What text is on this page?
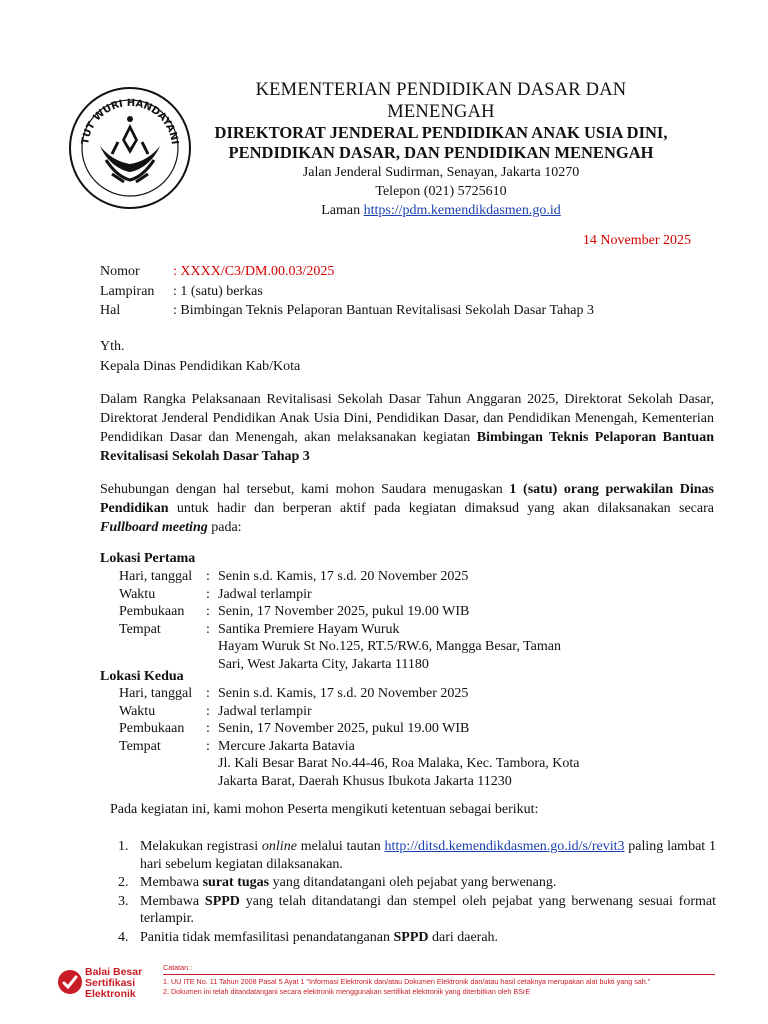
TUT WURI HANDAYANI
KEMENTERIAN PENDIDIKAN DASAR DAN
MENENGAH
DIREKTORAT JENDERAL PENDIDIKAN ANAK USIA DINI,
PENDIDIKAN DASAR, DAN PENDIDIKAN MENENGAH
Jalan Jenderal Sudirman, Senayan, Jakarta 10270
Telepon (021) 5725610
Laman https://pdm.kemendikdasmen.go.id
14 November 2025
Nomor	: XXXX/C3/DM.00.03/2025
Lampiran	: 1 (satu) berkas
Hal	: Bimbingan Teknis Pelaporan Bantuan Revitalisasi Sekolah Dasar Tahap 3
Yth.
Kepala Dinas Pendidikan Kab/Kota
Dalam Rangka Pelaksanaan Revitalisasi Sekolah Dasar Tahun Anggaran 2025, Direktorat Sekolah Dasar, Direktorat Jenderal Pendidikan Anak Usia Dini, Pendidikan Dasar, dan Pendidikan Menengah, Kementerian Pendidikan Dasar dan Menengah, akan melaksanakan kegiatan Bimbingan Teknis Pelaporan Bantuan Revitalisasi Sekolah Dasar Tahap 3
Sehubungan dengan hal tersebut, kami mohon Saudara menugaskan 1 (satu) orang perwakilan Dinas Pendidikan untuk hadir dan berperan aktif pada kegiatan dimaksud yang akan dilaksanakan secara Fullboard meeting pada:
Lokasi Pertama
Hari, tanggal : Senin s.d. Kamis, 17 s.d. 20 November 2025
Waktu	: Jadwal terlampir
Pembukaan	: Senin, 17 November 2025, pukul 19.00 WIB
Tempat	: Santika Premiere Hayam Wuruk
Hayam Wuruk St No.125, RT.5/RW.6, Mangga Besar, Taman
Sari, West Jakarta City, Jakarta 11180
Lokasi Kedua
Hari, tanggal : Senin s.d. Kamis, 17 s.d. 20 November 2025
Waktu	: Jadwal terlampir
Pembukaan	: Senin, 17 November 2025, pukul 19.00 WIB
Tempat	: Mercure Jakarta Batavia
Jl. Kali Besar Barat No.44-46, Roa Malaka, Kec. Tambora, Kota
Jakarta Barat, Daerah Khusus Ibukota Jakarta 11230
Pada kegiatan ini, kami mohon Peserta mengikuti ketentuan sebagai berikut:
1. Melakukan registrasi online melalui tautan http://ditsd.kemendikdasmen.go.id/s/revit3 paling lambat 1 hari sebelum kegiatan dilaksanakan.
2. Membawa surat tugas yang ditandatangani oleh pejabat yang berwenang.
3. Membawa SPPD yang telah ditandatangi dan stempel oleh pejabat yang berwenang sesuai format terlampir.
4. Panitia tidak memfasilitasi penandatanganan SPPD dari daerah.
Balai Besar
Sertifikasi
Elektronik
Catatan :
1. UU ITE No. 11 Tahun 2008 Pasal 5 Ayat 1 "Informasi Elektronik dan/atau Dokumen Elektronik dan/atau hasil cetaknya merupakan alat bukti yang sah."
2. Dokumen ini telah ditandatangani secara elektronik menggunakan sertifikat elektronik yang diterbitkan oleh BSrE
